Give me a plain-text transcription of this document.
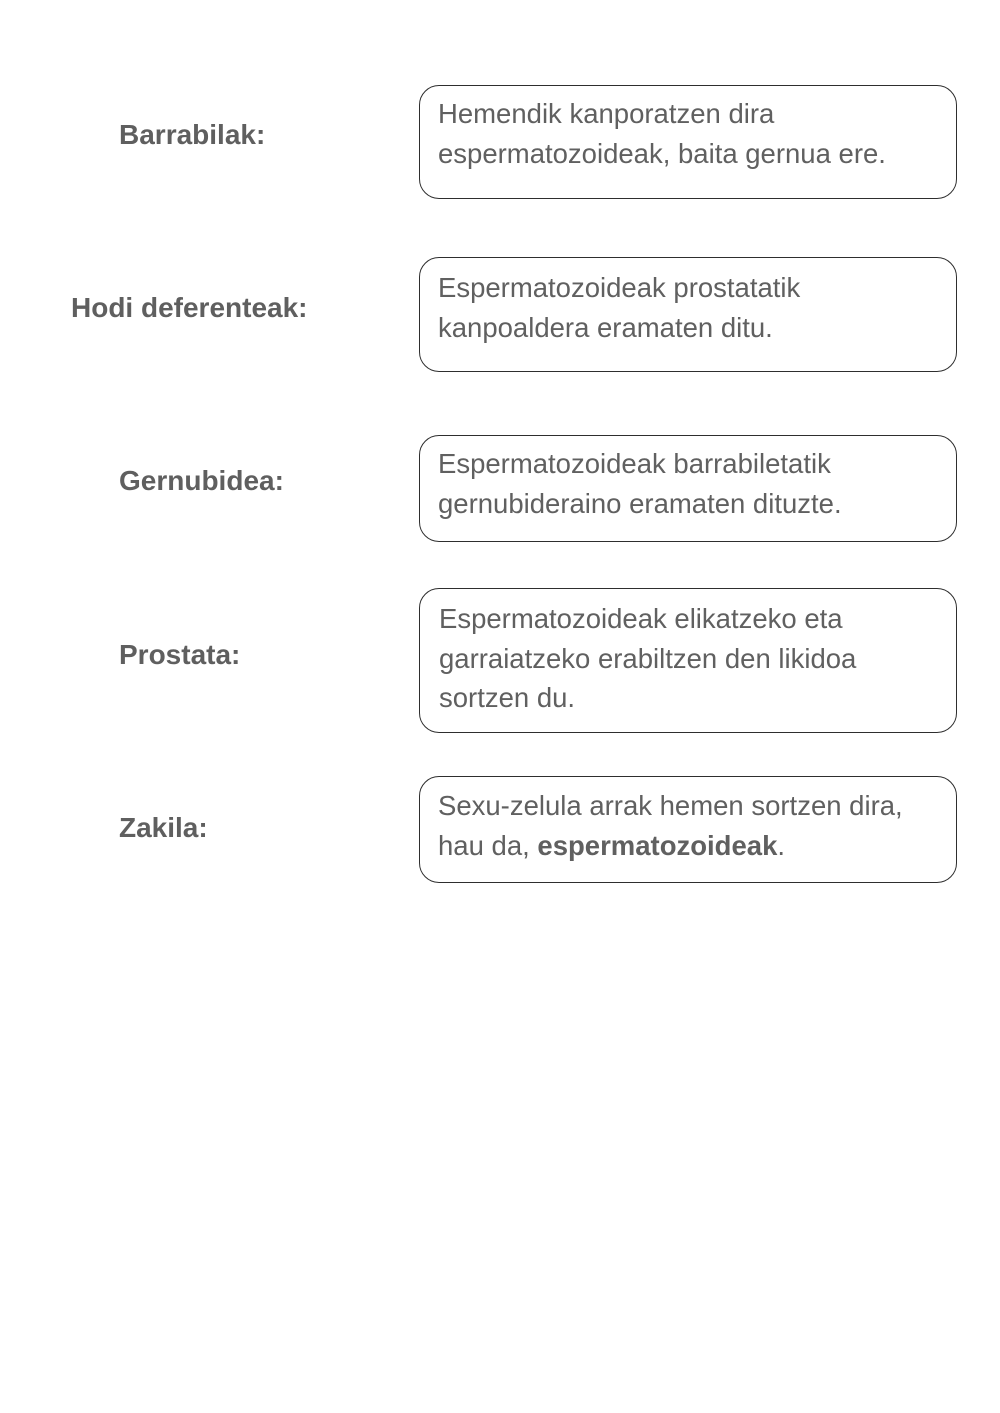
Barrabilak:
Hodi deferenteak:
Gernubidea:
Prostata:
Zakila:
Hemendik kanporatzen dira espermatozoideak, baita gernua ere.
Espermatozoideak prostatatik kanpoaldera eramaten ditu.
Espermatozoideak barrabiletatik gernubideraino eramaten dituzte.
Espermatozoideak elikatzeko eta garraiatzeko erabiltzen den likidoa sortzen du.
Sexu-zelula arrak hemen sortzen dira, hau da, espermatozoideak.
